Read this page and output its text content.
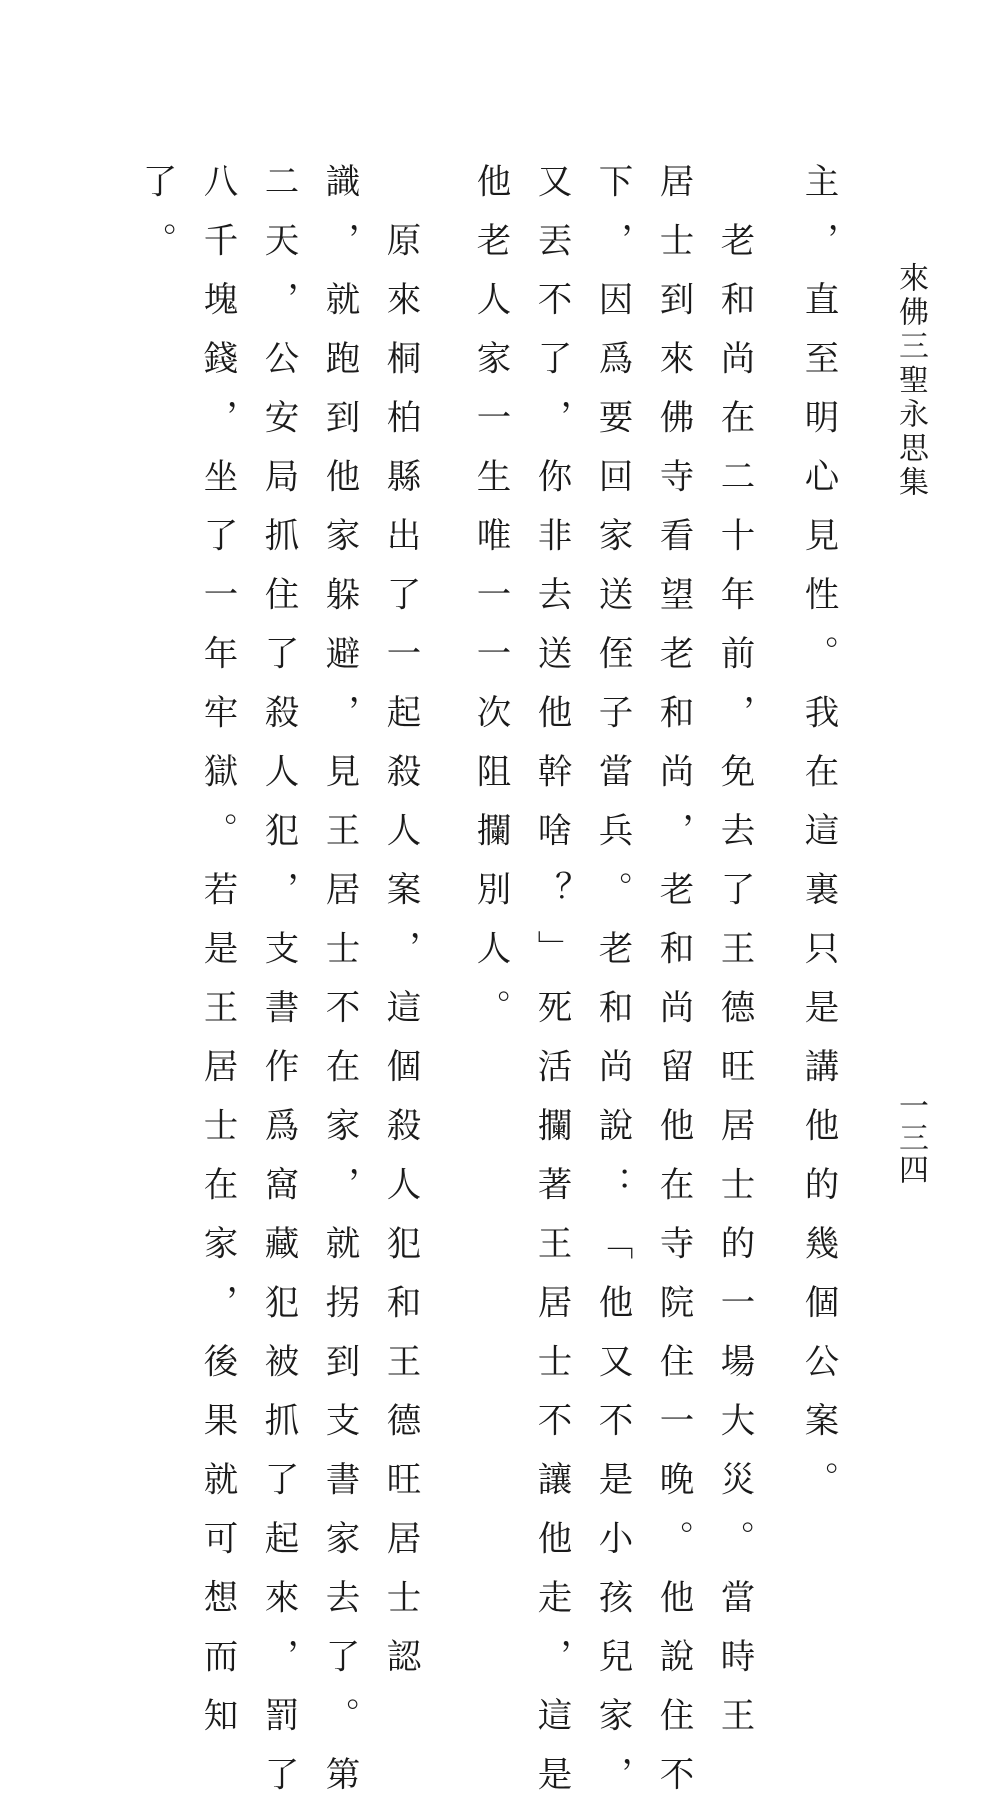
來佛三聖永思集
一三四
主，直至明心見性。我在這裏只是講他的幾個公案。
　老和尚在二十年前，免去了王德旺居士的一場大災。當時王
居士到來佛寺看望老和尚，老和尚留他在寺院住一晚。他說住不
下，因爲要回家送侄子當兵。老和尚說：「他又不是小孩兒家，
又丟不了，你非去送他幹啥？」死活攔著王居士不讓他走，這是
他老人家一生唯一一次阻攔別人。
　原來桐柏縣出了一起殺人案，這個殺人犯和王德旺居士認
識，就跑到他家躲避，見王居士不在家，就拐到支書家去了。第
二天，公安局抓住了殺人犯，支書作爲窩藏犯被抓了起來，罰了
八千塊錢，坐了一年牢獄。若是王居士在家，後果就可想而知
了。
